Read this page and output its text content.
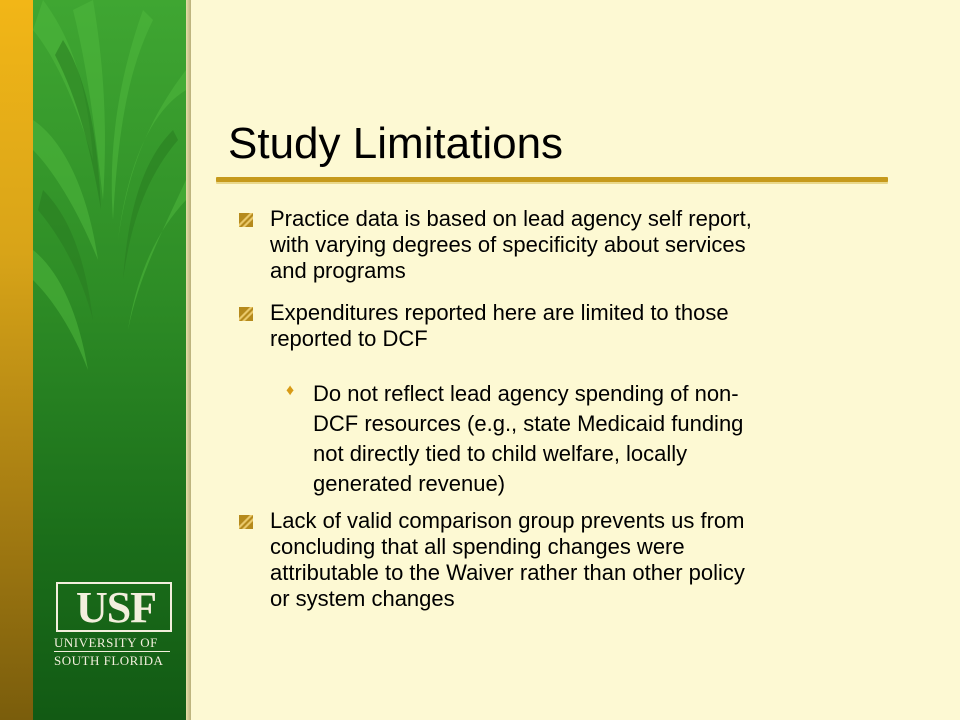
USF
UNIVERSITY OF
SOUTH FLORIDA
Study Limitations
Practice data is based on lead agency self report,
with varying degrees of specificity about services
and programs
Expenditures reported here are limited to those
reported to DCF
♦ Do not reflect lead agency spending of non-
DCF resources (e.g., state Medicaid funding
not directly tied to child welfare, locally
generated revenue)
Lack of valid comparison group prevents us from
concluding that all spending changes were
attributable to the Waiver rather than other policy
or system changes
